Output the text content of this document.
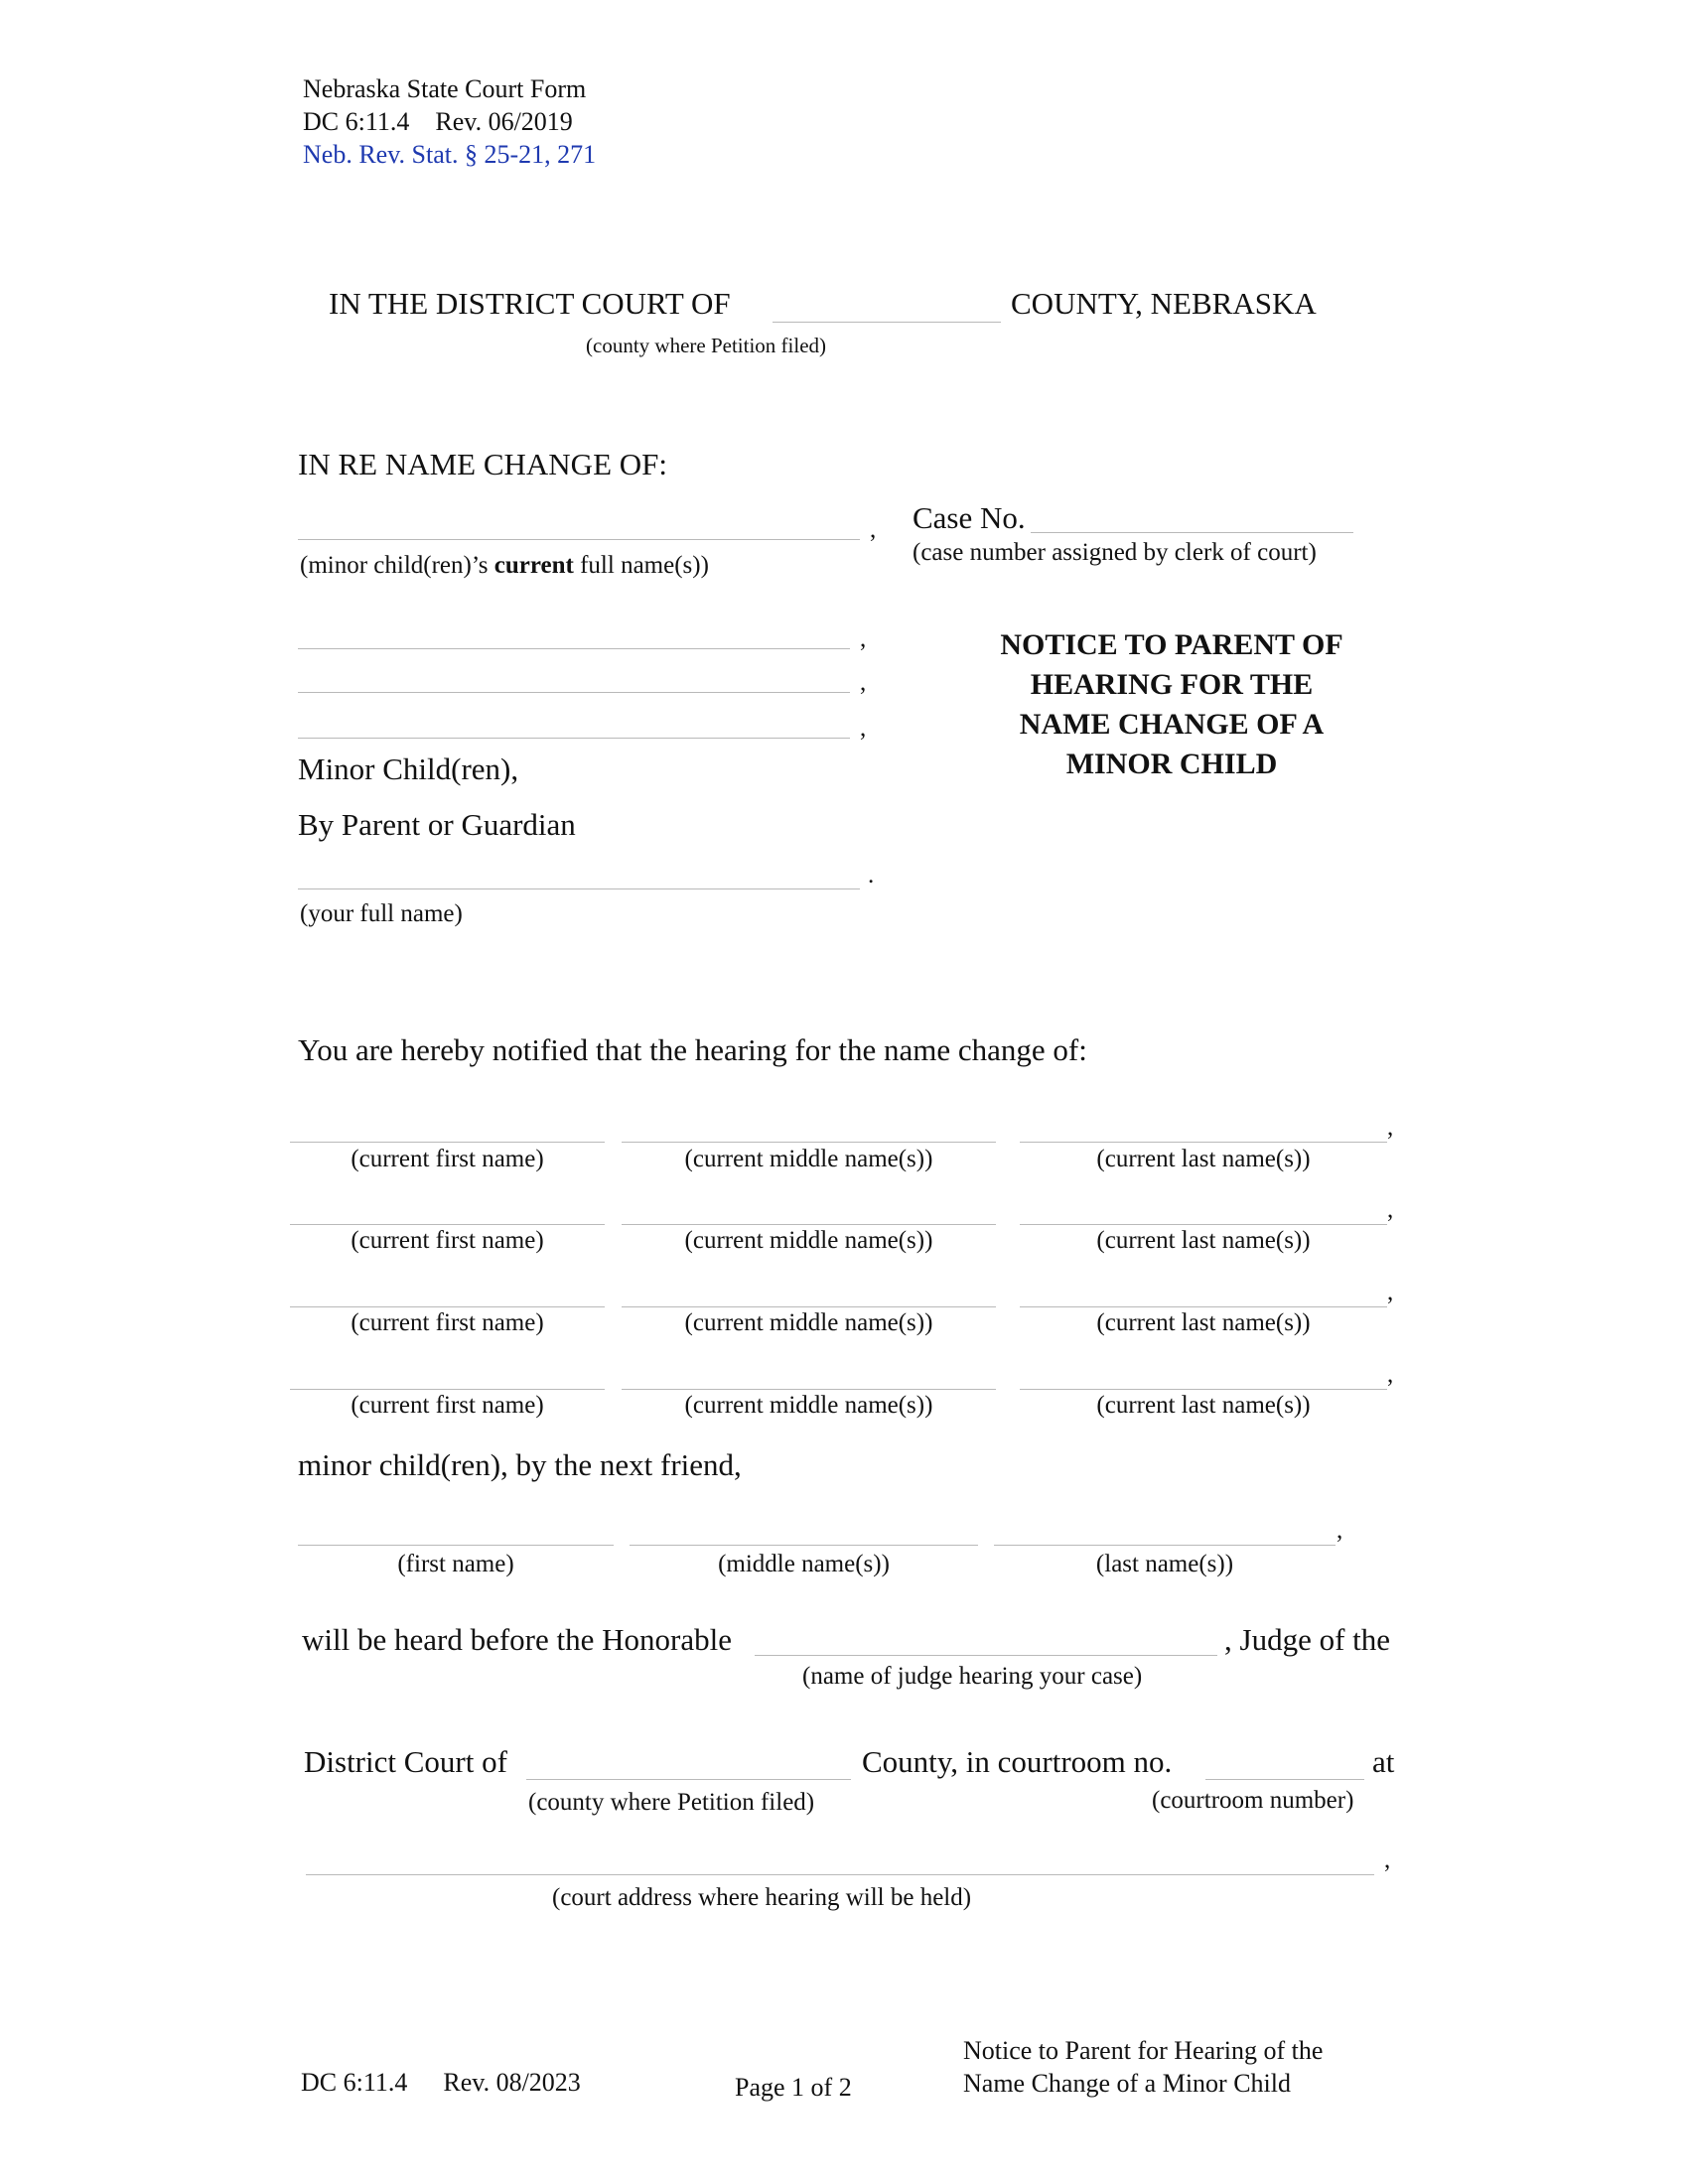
Nebraska State Court Form
DC 6:11.4 Rev. 06/2019
Neb. Rev. Stat. § 25-21, 271
IN THE DISTRICT COURT OF	COUNTY, NEBRASKA
(county where Petition filed)
IN RE NAME CHANGE OF:
,
(minor child(ren)’s current full name(s))
,
,
,
Minor Child(ren),
By Parent or Guardian
.
(your full name)
Case No.
(case number assigned by clerk of court)
NOTICE TO PARENT OF
HEARING FOR THE
NAME CHANGE OF A
MINOR CHILD
You are hereby notified that the hearing for the name change of:
,
(current first name)	(current middle name(s))	(current last name(s))
,
(current first name)	(current middle name(s))	(current last name(s))
,
(current first name)	(current middle name(s))	(current last name(s))
,
(current first name)	(current middle name(s))	(current last name(s))
minor child(ren), by the next friend,
,
(first name)	(middle name(s))	(last name(s))
will be heard before the Honorable	, Judge of the
(name of judge hearing your case)
District Court of	County, in courtroom no.	at
(county where Petition filed)	(courtroom number)
,
(court address where hearing will be held)
DC 6:11.4 Rev. 08/2023	Page 1 of 2
Notice to Parent for Hearing of the
Name Change of a Minor Child
